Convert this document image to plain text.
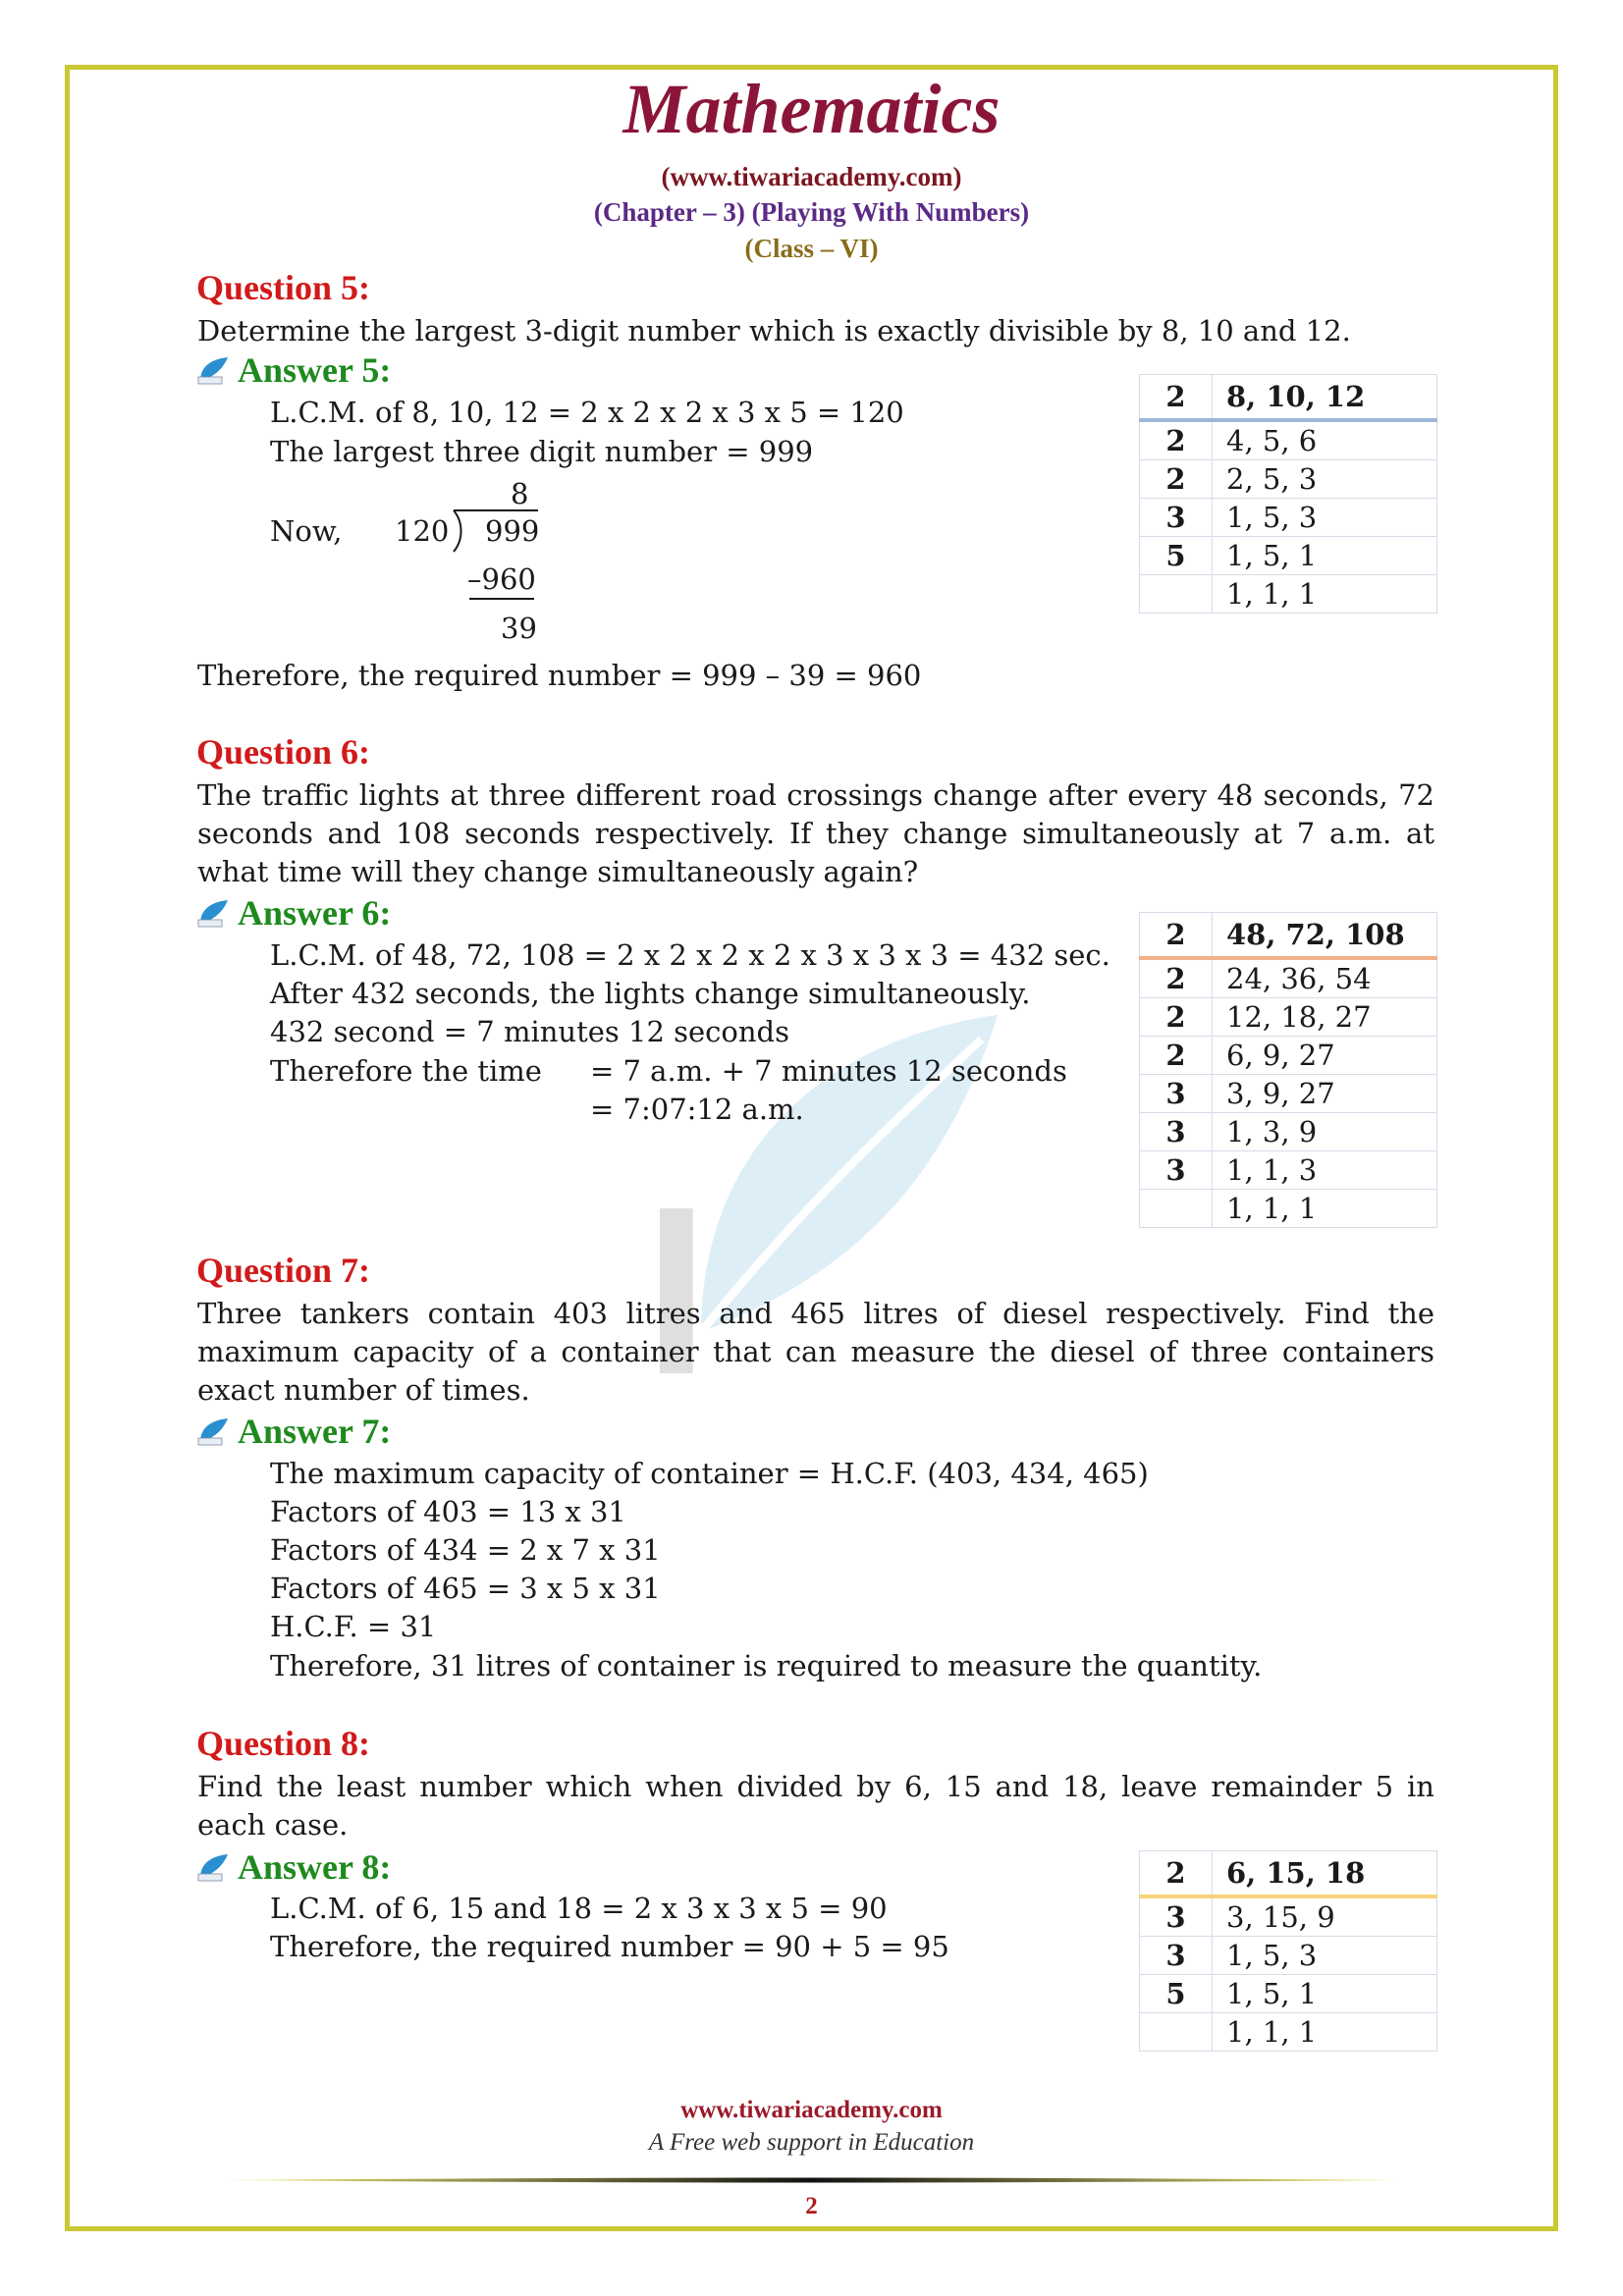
Mathematics
(www.tiwariacademy.com)
(Chapter – 3) (Playing With Numbers)
(Class – VI)
Question 5:
Determine the largest 3-digit number which is exactly divisible by 8, 10 and 12.
Answer 5:
L.C.M. of 8, 10, 12 = 2 x 2 x 2 x 3 x 5 = 120
The largest three digit number = 999
8
Now, 120 999
–960
39
Therefore, the required number = 999 – 39 = 960
2	8, 10, 12
2	4, 5, 6
2	2, 5, 3
3	1, 5, 3
5	1, 5, 1
	1, 1, 1
Question 6:
The traffic lights at three different road crossings change after every 48 seconds, 72 seconds and 108 seconds respectively. If they change simultaneously at 7 a.m. at what time will they change simultaneously again?
Answer 6:
L.C.M. of 48, 72, 108 = 2 x 2 x 2 x 2 x 3 x 3 x 3 = 432 sec.
After 432 seconds, the lights change simultaneously.
432 second = 7 minutes 12 seconds
Therefore the time = 7 a.m. + 7 minutes 12 seconds
= 7:07:12 a.m.
2	48, 72, 108
2	24, 36, 54
2	12, 18, 27
2	6, 9, 27
3	3, 9, 27
3	1, 3, 9
3	1, 1, 3
	1, 1, 1
Question 7:
Three tankers contain 403 litres and 465 litres of diesel respectively. Find the maximum capacity of a container that can measure the diesel of three containers exact number of times.
Answer 7:
The maximum capacity of container = H.C.F. (403, 434, 465)
Factors of 403 = 13 x 31
Factors of 434 = 2 x 7 x 31
Factors of 465 = 3 x 5 x 31
H.C.F. = 31
Therefore, 31 litres of container is required to measure the quantity.
Question 8:
Find the least number which when divided by 6, 15 and 18, leave remainder 5 in each case.
Answer 8:
L.C.M. of 6, 15 and 18 = 2 x 3 x 3 x 5 = 90
Therefore, the required number = 90 + 5 = 95
2	6, 15, 18
3	3, 15, 9
3	1, 5, 3
5	1, 5, 1
	1, 1, 1
www.tiwariacademy.com
A Free web support in Education
2
